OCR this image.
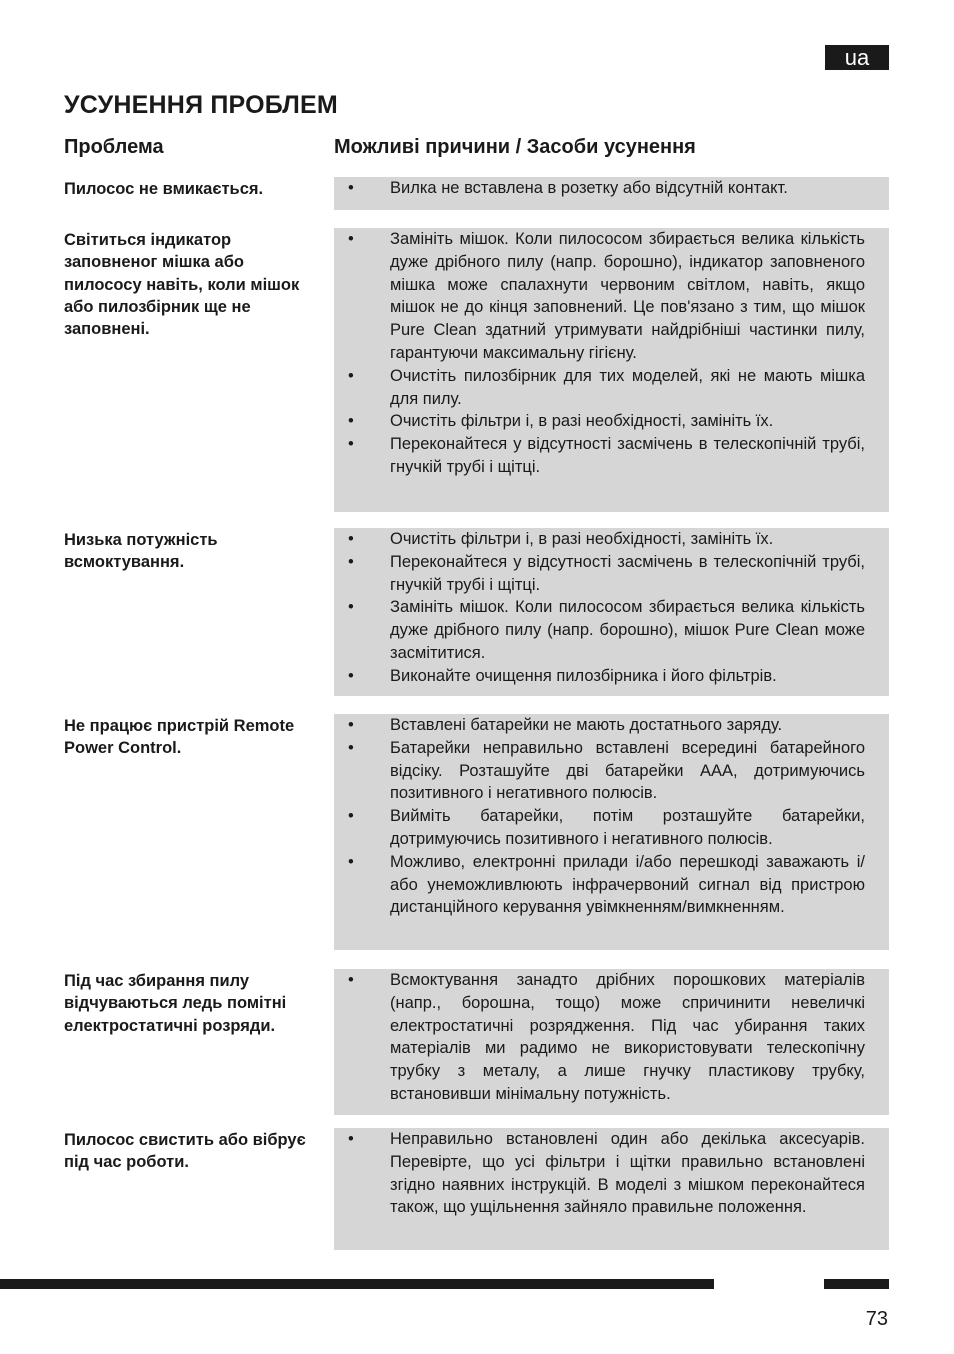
ua
УСУНЕННЯ ПРОБЛЕМ
Проблема	Можливі причини / Засоби усунення
Пилосос не вмикається.	• Вилка не вставлена в розетку або відсутній контакт.
Світиться індикатор заповненог мішка або пилососу навіть, коли мішок або пилозбірник ще не заповнені.
• Замініть мішок. Коли пилососом збирається велика кількість дуже дрібного пилу (напр. борошно), індикатор заповненого мішка може спалахнути червоним світлом, навіть, якщо мішок не до кінця заповнений. Це пов'язано з тим, що мішок Pure Clean здатний утримувати найдрібніші частинки пилу, гарантуючи максимальну гігієну.
• Очистіть пилозбірник для тих моделей, які не мають мішка для пилу.
• Очистіть фільтри і, в разі необхідності, замініть їх.
• Переконайтеся у відсутності засмічень в телескопічній трубі, гнучкій трубі і щітці.
Низька потужність всмоктування.
• Очистіть фільтри і, в разі необхідності, замініть їх.
• Переконайтеся у відсутності засмічень в телескопічній трубі, гнучкій трубі і щітці.
• Замініть мішок. Коли пилососом збирається велика кількість дуже дрібного пилу (напр. борошно), мішок Pure Clean може засмітитися.
• Виконайте очищення пилозбірника і його фільтрів.
Не працює пристрій Remote Power Control.
• Вставлені батарейки не мають достатнього заряду.
• Батарейки неправильно вставлені всередині батарейного відсіку. Розташуйте дві батарейки AAA, дотримуючись позитивного і негативного полюсів.
• Вийміть батарейки, потім розташуйте батарейки, дотримуючись позитивного і негативного полюсів.
• Можливо, електронні прилади і/або перешкоді заважають і/або унеможливлюють інфрачервоний сигнал від пристрою дистанційного керування увімкненням/вимкненням.
Під час збирання пилу відчуваються ледь помітні електростатичні розряди.
• Всмоктування занадто дрібних порошкових матеріалів (напр., борошна, тощо) може спричинити невеличкі електростатичні розрядження. Під час убирання таких матеріалів ми радимо не використовувати телескопічну трубку з металу, а лише гнучку пластикову трубку, встановивши мінімальну потужність.
Пилосос свистить або вібрує під час роботи.
• Неправильно встановлені один або декілька аксесуарів. Перевірте, що усі фільтри і щітки правильно встановлені згідно наявних інструкцій. В моделі з мішком переконайтеся також, що ущільнення зайняло правильне положення.
73
